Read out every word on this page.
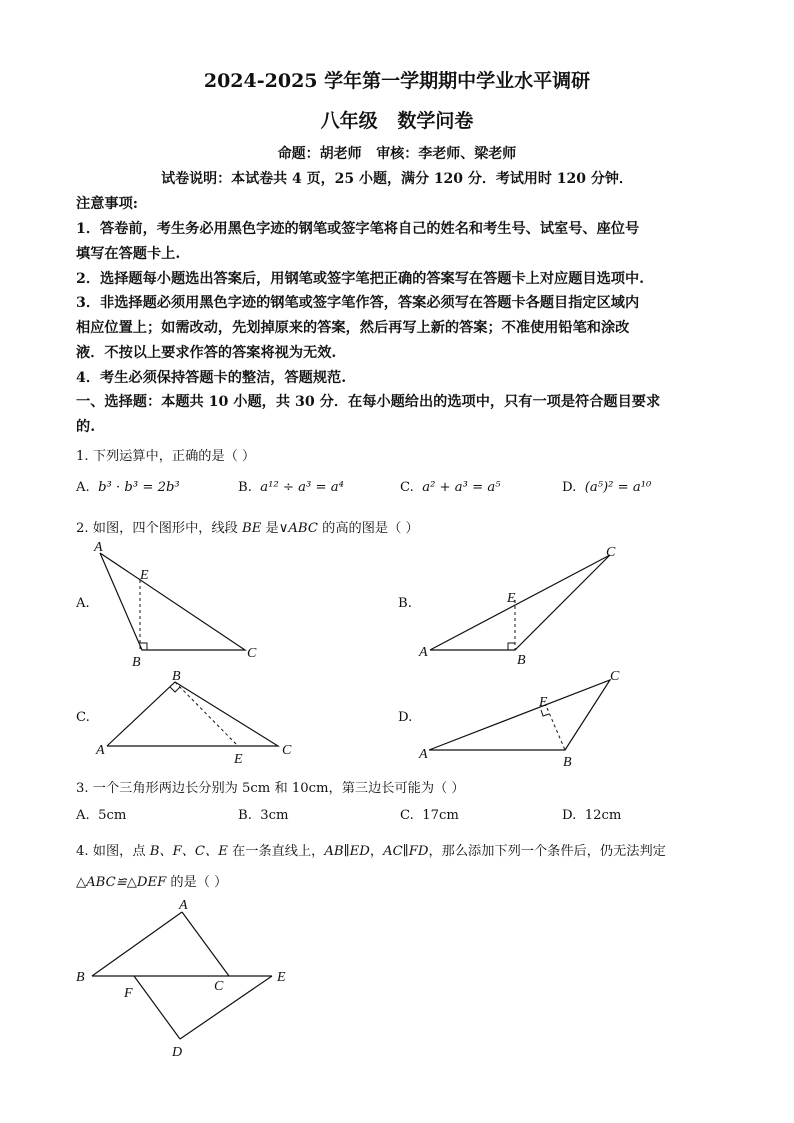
2024-2025 学年第一学期期中学业水平调研
八年级   数学问卷
命题：胡老师   审核：李老师、梁老师
试卷说明：本试卷共 4 页，25 小题，满分 120 分．考试用时 120 分钟．
注意事项:
1．答卷前，考生务必用黑色字迹的钢笔或签字笔将自己的姓名和考生号、试室号、座位号
填写在答题卡上.
2．选择题每小题选出答案后，用钢笔或签字笔把正确的答案写在答题卡上对应题目选项中.
3．非选择题必须用黑色字迹的钢笔或签字笔作答，答案必须写在答题卡各题目指定区域内
相应位置上；如需改动，先划掉原来的答案，然后再写上新的答案；不准使用铅笔和涂改
液．不按以上要求作答的答案将视为无效.
4．考生必须保持答题卡的整洁，答题规范.
一、选择题：本题共 10 小题，共 30 分．在每小题给出的选项中，只有一项是符合题目要求
的.
1. 下列运算中，正确的是（ ）
A. b³ · b³ = 2b³	B. a¹² ÷ a³ = a⁴	C. a² + a³ = a⁵	D. (a⁵)² = a¹⁰
2. 如图，四个图形中，线段 BE 是∨ABC 的高的图是（ ）
A.	B.
C.	D.
A
E
B
C	A
E
B
C
A
B
C
E	A
B
C
E
3. 一个三角形两边长分别为 5cm 和 10cm，第三边长可能为（ ）
A. 5cm	B. 3cm	C. 17cm	D. 12cm
4. 如图，点 B、F、C、E 在一条直线上，AB∥ED，AC∥FD，那么添加下列一个条件后，仍无法判定
△ABC≌△DEF 的是（ ）
A
B
F	C
E
D
